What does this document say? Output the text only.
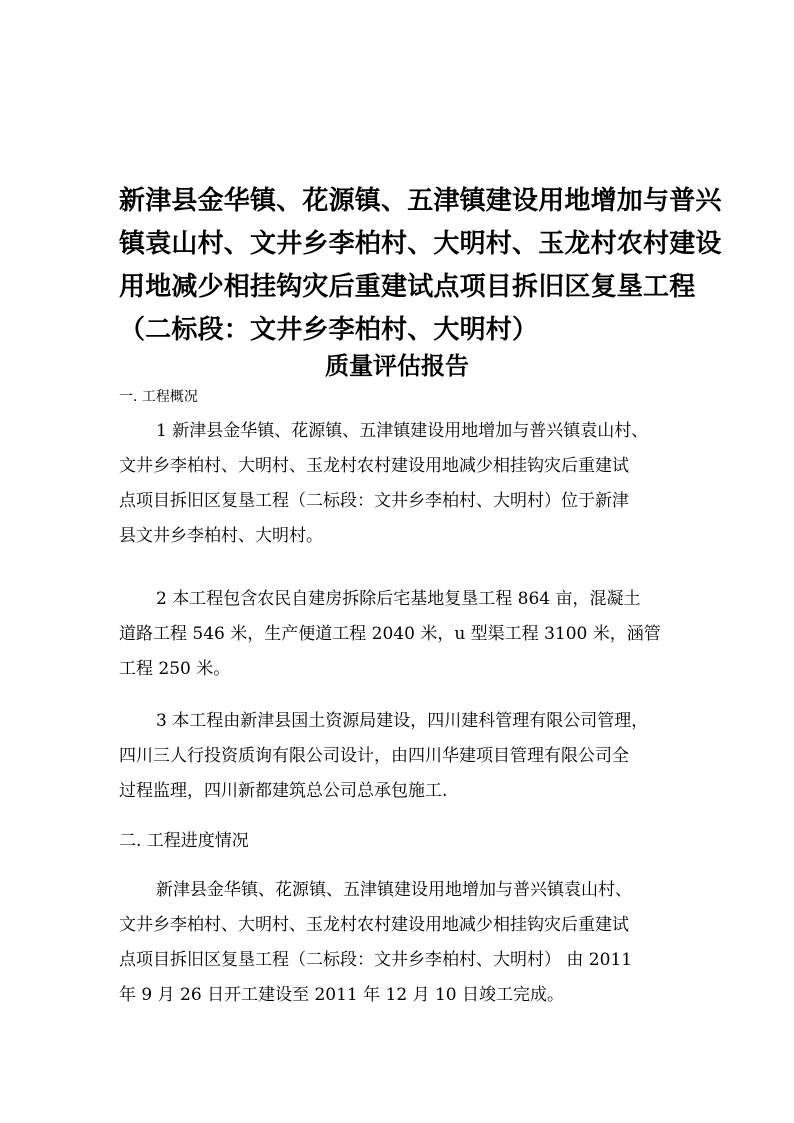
新津县金华镇、花源镇、五津镇建设用地增加与普兴
镇袁山村、文井乡李柏村、大明村、玉龙村农村建设
用地减少相挂钩灾后重建试点项目拆旧区复垦工程
（二标段：文井乡李柏村、大明村）
质量评估报告
一. 工程概况
1 新津县金华镇、花源镇、五津镇建设用地增加与普兴镇袁山村、
文井乡李柏村、大明村、玉龙村农村建设用地减少相挂钩灾后重建试
点项目拆旧区复垦工程（二标段：文井乡李柏村、大明村）位于新津
县文井乡李柏村、大明村。
2 本工程包含农民自建房拆除后宅基地复垦工程 864 亩，混凝土
道路工程 546 米，生产便道工程 2040 米，u 型渠工程 3100 米，涵管
工程 250 米。
3 本工程由新津县国土资源局建设，四川建科管理有限公司管理，
四川三人行投资质询有限公司设计，由四川华建项目管理有限公司全
过程监理，四川新都建筑总公司总承包施工.
二. 工程进度情况
新津县金华镇、花源镇、五津镇建设用地增加与普兴镇袁山村、
文井乡李柏村、大明村、玉龙村农村建设用地减少相挂钩灾后重建试
点项目拆旧区复垦工程（二标段：文井乡李柏村、大明村） 由 2011
年 9 月 26 日开工建设至 2011 年 12 月 10 日竣工完成。
